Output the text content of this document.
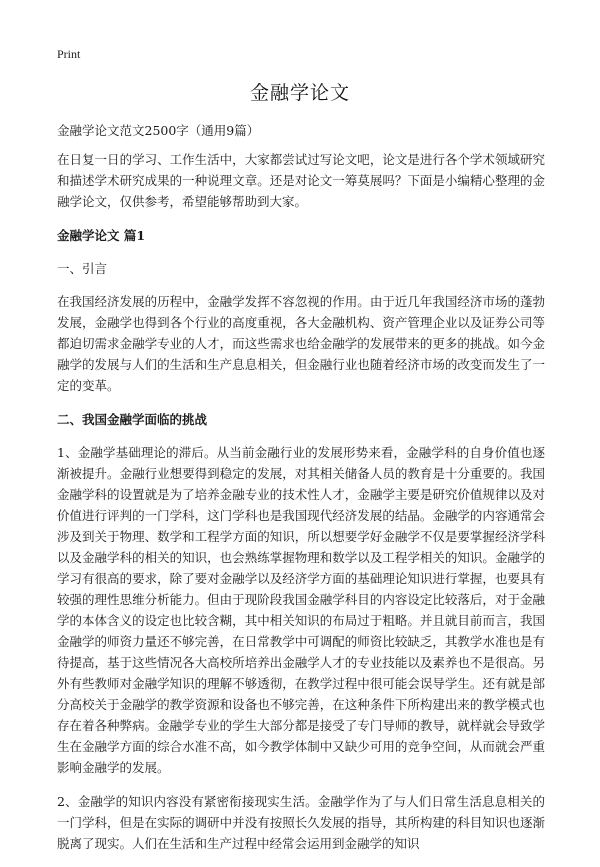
Print
金融学论文

金融学论文范文2500字（通用9篇）

在日复一日的学习、工作生活中，大家都尝试过写论文吧，论文是进行各个学术领域研究和描述学术研究成果的一种说理文章。还是对论文一筹莫展吗？下面是小编精心整理的金融学论文，仅供参考，希望能够帮助到大家。

金融学论文 篇1

一、引言

在我国经济发展的历程中，金融学发挥不容忽视的作用。由于近几年我国经济市场的蓬勃发展，金融学也得到各个行业的高度重视，各大金融机构、资产管理企业以及证券公司等都迫切需求金融学专业的人才，而这些需求也给金融学的发展带来的更多的挑战。如今金融学的发展与人们的生活和生产息息相关，但金融行业也随着经济市场的改变而发生了一定的变革。

二、我国金融学面临的挑战

1、金融学基础理论的滞后。从当前金融行业的发展形势来看，金融学科的自身价值也逐渐被提升。金融行业想要得到稳定的发展，对其相关储备人员的教育是十分重要的。我国金融学科的设置就是为了培养金融专业的技术性人才，金融学主要是研究价值规律以及对价值进行评判的一门学科，这门学科也是我国现代经济发展的结晶。金融学的内容通常会涉及到关于物理、数学和工程学方面的知识，所以想要学好金融学不仅是要掌握经济学科以及金融学科的相关的知识，也会熟练掌握物理和数学以及工程学相关的知识。金融学的学习有很高的要求，除了要对金融学以及经济学方面的基础理论知识进行掌握，也要具有较强的理性思维分析能力。但由于现阶段我国金融学科目的内容设定比较落后，对于金融学的本体含义的设定也比较含糊，其中相关知识的布局过于粗略。并且就目前而言，我国金融学的师资力量还不够完善，在日常教学中可调配的师资比较缺乏，其教学水准也是有待提高，基于这些情况各大高校所培养出金融学人才的专业技能以及素养也不是很高。另外有些教师对金融学知识的理解不够透彻，在教学过程中很可能会误导学生。还有就是部分高校关于金融学的教学资源和设备也不够完善，在这种条件下所构建出来的教学模式也存在着各种弊病。金融学专业的学生大部分都是接受了专门导师的教导，就样就会导致学生在金融学方面的综合水准不高，如今教学体制中又缺少可用的竞争空间，从而就会严重影响金融学的发展。

2、金融学的知识内容没有紧密衔接现实生活。金融学作为了与人们日常生活息息相关的一门学科，但是在实际的调研中并没有按照长久发展的指导，其所构建的科目知识也逐渐脱离了现实。人们在生活和生产过程中经常会运用到金融学的知识
